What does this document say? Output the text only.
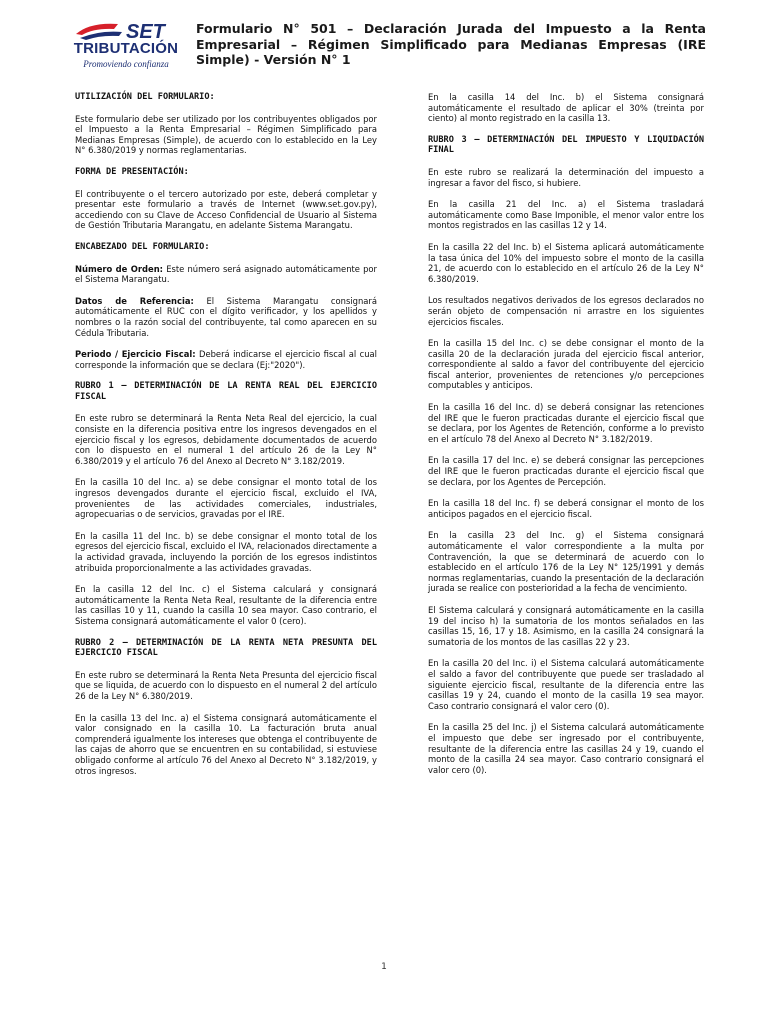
SET
TRIBUTACIÓN
Promoviendo confianza
Formulario N° 501 – Declaración Jurada del Impuesto a la Renta Empresarial – Régimen Simplificado para Medianas Empresas (IRE Simple) - Versión N° 1
UTILIZACIÓN DEL FORMULARIO:

Este formulario debe ser utilizado por los contribuyentes obligados por el Impuesto a la Renta Empresarial – Régimen Simplificado para Medianas Empresas (Simple), de acuerdo con lo establecido en la Ley N° 6.380/2019 y normas reglamentarias.

FORMA DE PRESENTACIÓN:

El contribuyente o el tercero autorizado por este, deberá completar y presentar este formulario a través de Internet (www.set.gov.py), accediendo con su Clave de Acceso Confidencial de Usuario al Sistema de Gestión Tributaria Marangatu, en adelante Sistema Marangatu.

ENCABEZADO DEL FORMULARIO:

Número de Orden: Este número será asignado automáticamente por el Sistema Marangatu.

Datos de Referencia: El Sistema Marangatu consignará automáticamente el RUC con el dígito verificador, y los apellidos y nombres o la razón social del contribuyente, tal como aparecen en su Cédula Tributaria.

Periodo / Ejercicio Fiscal: Deberá indicarse el ejercicio fiscal al cual corresponde la información que se declara (Ej:"2020").

RUBRO 1 – DETERMINACIÓN DE LA RENTA REAL DEL EJERCICIO FISCAL

En este rubro se determinará la Renta Neta Real del ejercicio, la cual consiste en la diferencia positiva entre los ingresos devengados en el ejercicio fiscal y los egresos, debidamente documentados de acuerdo con lo dispuesto en el numeral 1 del artículo 26 de la Ley N° 6.380/2019 y el artículo 76 del Anexo al Decreto N° 3.182/2019.

En la casilla 10 del Inc. a) se debe consignar el monto total de los ingresos devengados durante el ejercicio fiscal, excluido el IVA, provenientes de las actividades comerciales, industriales, agropecuarias o de servicios, gravadas por el IRE.

En la casilla 11 del Inc. b) se debe consignar el monto total de los egresos del ejercicio fiscal, excluido el IVA, relacionados directamente a la actividad gravada, incluyendo la porción de los egresos indistintos atribuida proporcionalmente a las actividades gravadas.

En la casilla 12 del Inc. c) el Sistema calculará y consignará automáticamente la Renta Neta Real, resultante de la diferencia entre las casillas 10 y 11, cuando la casilla 10 sea mayor. Caso contrario, el Sistema consignará automáticamente el valor 0 (cero).

RUBRO 2 – DETERMINACIÓN DE LA RENTA NETA PRESUNTA DEL EJERCICIO FISCAL

En este rubro se determinará la Renta Neta Presunta del ejercicio fiscal que se liquida, de acuerdo con lo dispuesto en el numeral 2 del artículo 26 de la Ley N° 6.380/2019.

En la casilla 13 del Inc. a) el Sistema consignará automáticamente el valor consignado en la casilla 10. La facturación bruta anual comprenderá igualmente los intereses que obtenga el contribuyente de las cajas de ahorro que se encuentren en su contabilidad, si estuviese obligado conforme al artículo 76 del Anexo al Decreto N° 3.182/2019, y otros ingresos.

En la casilla 14 del Inc. b) el Sistema consignará automáticamente el resultado de aplicar el 30% (treinta por ciento) al monto registrado en la casilla 13.

RUBRO 3 – DETERMINACIÓN DEL IMPUESTO Y LIQUIDACIÓN FINAL

En este rubro se realizará la determinación del impuesto a ingresar a favor del fisco, si hubiere.

En la casilla 21 del Inc. a) el Sistema trasladará automáticamente como Base Imponible, el menor valor entre los montos registrados en las casillas 12 y 14.

En la casilla 22 del Inc. b) el Sistema aplicará automáticamente la tasa única del 10% del impuesto sobre el monto de la casilla 21, de acuerdo con lo establecido en el artículo 26 de la Ley N° 6.380/2019.

Los resultados negativos derivados de los egresos declarados no serán objeto de compensación ni arrastre en los siguientes ejercicios fiscales.

En la casilla 15 del Inc. c) se debe consignar el monto de la casilla 20 de la declaración jurada del ejercicio fiscal anterior, correspondiente al saldo a favor del contribuyente del ejercicio fiscal anterior, provenientes de retenciones y/o percepciones computables y anticipos.

En la casilla 16 del Inc. d) se deberá consignar las retenciones del IRE que le fueron practicadas durante el ejercicio fiscal que se declara, por los Agentes de Retención, conforme a lo previsto en el artículo 78 del Anexo al Decreto N° 3.182/2019.

En la casilla 17 del Inc. e) se deberá consignar las percepciones del IRE que le fueron practicadas durante el ejercicio fiscal que se declara, por los Agentes de Percepción.

En la casilla 18 del Inc. f) se deberá consignar el monto de los anticipos pagados en el ejercicio fiscal.

En la casilla 23 del Inc. g) el Sistema consignará automáticamente el valor correspondiente a la multa por Contravención, la que se determinará de acuerdo con lo establecido en el artículo 176 de la Ley N° 125/1991 y demás normas reglamentarias, cuando la presentación de la declaración jurada se realice con posterioridad a la fecha de vencimiento.

El Sistema calculará y consignará automáticamente en la casilla 19 del inciso h) la sumatoria de los montos señalados en las casillas 15, 16, 17 y 18. Asimismo, en la casilla 24 consignará la sumatoria de los montos de las casillas 22 y 23.

En la casilla 20 del Inc. i) el Sistema calculará automáticamente el saldo a favor del contribuyente que puede ser trasladado al siguiente ejercicio fiscal, resultante de la diferencia entre las casillas 19 y 24, cuando el monto de la casilla 19 sea mayor. Caso contrario consignará el valor cero (0).

En la casilla 25 del Inc. j) el Sistema calculará automáticamente el impuesto que debe ser ingresado por el contribuyente, resultante de la diferencia entre las casillas 24 y 19, cuando el monto de la casilla 24 sea mayor. Caso contrario consignará el valor cero (0).

1
